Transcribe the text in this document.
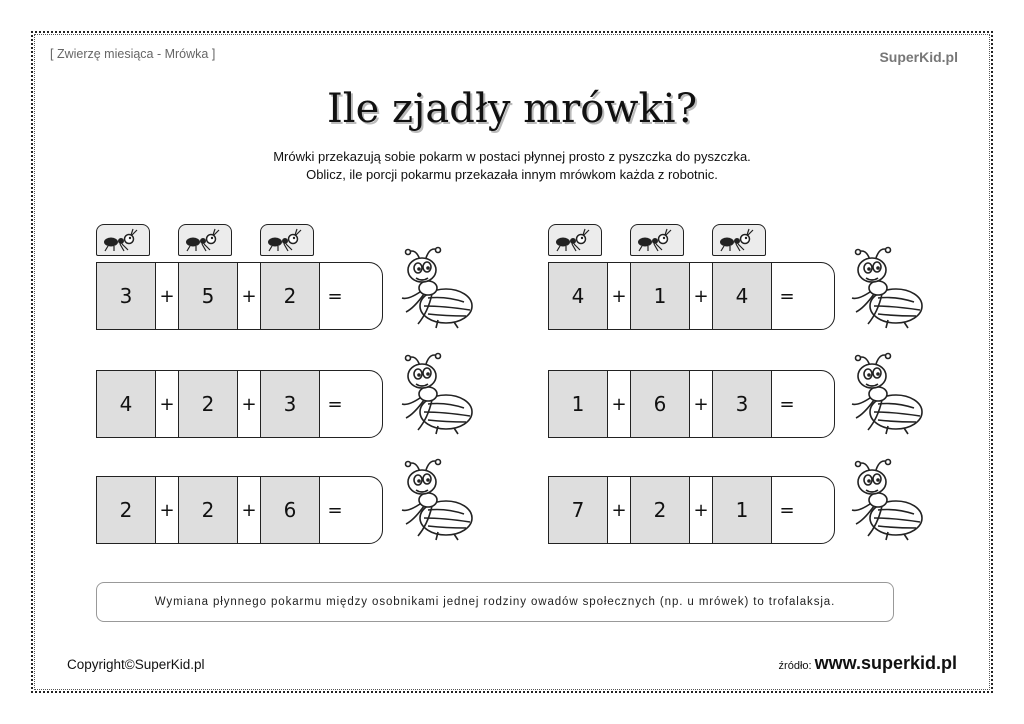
[ Zwierzę miesiąca - Mrówka ]	SuperKid.pl
Ile zjadły mrówki?
Mrówki przekazują sobie pokarm w postaci płynnej prosto z pyszczka do pyszczka.
Oblicz, ile porcji pokarmu przekazała innym mrówkom każda z robotnic.
3	+	5	+	2	=	4	+	1	+	4	=
4	+	2	+	3	=	1	+	6	+	3	=
2	+	2	+	6	=	7	+	2	+	1	=
Wymiana płynnego pokarmu między osobnikami jednej rodziny owadów społecznych (np. u mrówek) to trofalaksja.
Copyright©SuperKid.pl	źródło: www.superkid.pl
